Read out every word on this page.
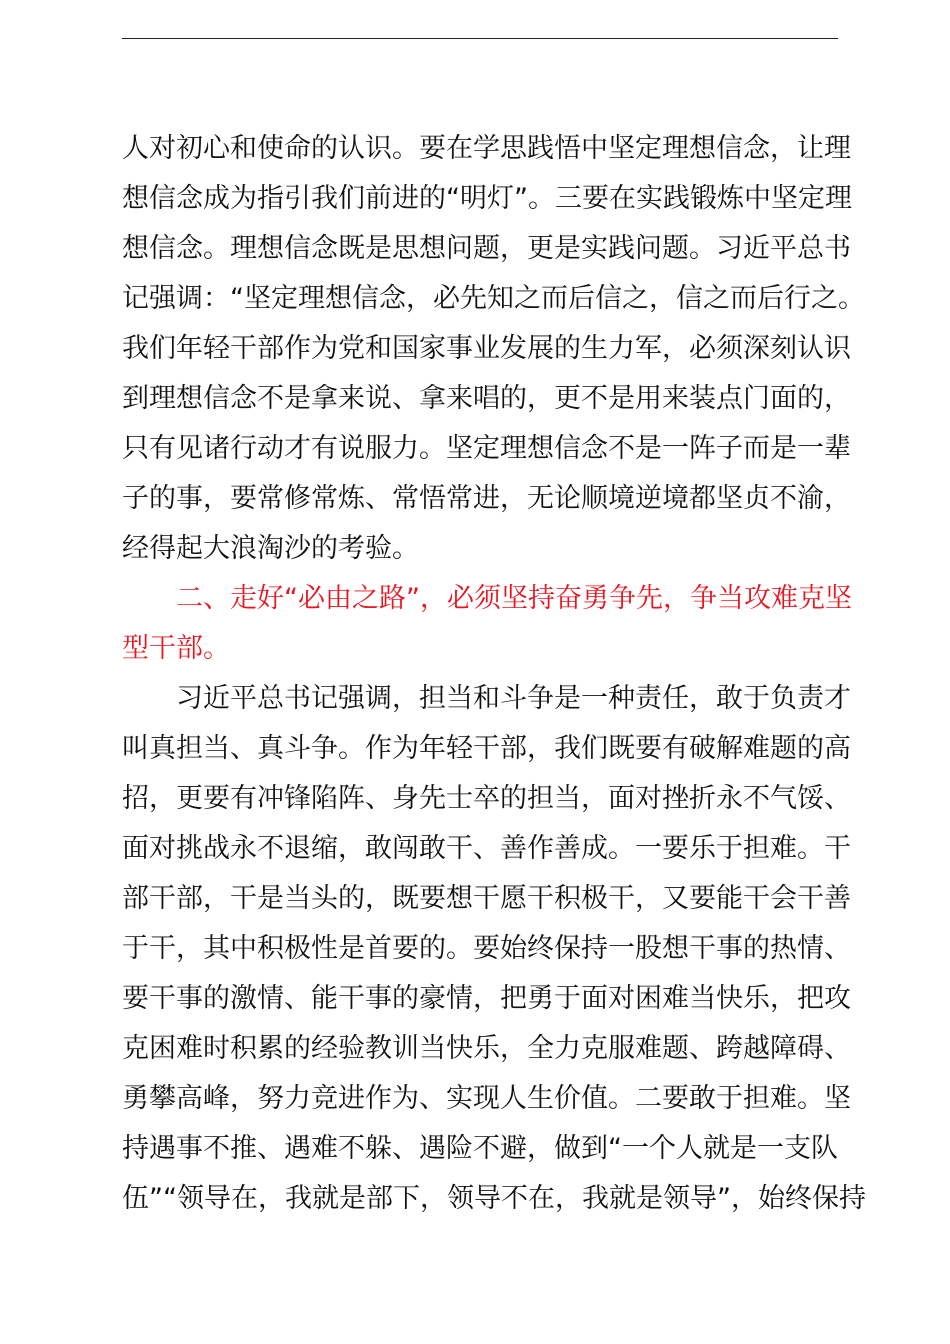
人 对 初 心 和 使 命 的 认 识 。 要 在 学 思 践 悟 中 坚 定 理 想 信 念 ， 让 理
想 信 念 成 为 指 引 我 们 前 进 的 “ 明 灯 ” 。 三 要 在 实 践 锻 炼 中 坚 定 理
想 信 念 。 理 想 信 念 既 是 思 想 问 题 ， 更 是 实 践 问 题 。 习 近 平 总 书
记 强 调 ： “ 坚 定 理 想 信 念 ， 必 先 知 之 而 后 信 之 ， 信 之 而 后 行 之 。
我 们 年 轻 干 部 作 为 党 和 国 家 事 业 发 展 的 生 力 军 ， 必 须 深 刻 认 识
到 理 想 信 念 不 是 拿 来 说 、 拿 来 唱 的 ， 更 不 是 用 来 装 点 门 面 的 ，
只 有 见 诸 行 动 才 有 说 服 力 。 坚 定 理 想 信 念 不 是 一 阵 子 而 是 一 辈
子 的 事 ， 要 常 修 常 炼 、 常 悟 常 进 ， 无 论 顺 境 逆 境 都 坚 贞 不 渝 ，
经得起大浪淘沙的考验。
二 、 走 好 “ 必 由 之 路 ” ， 必 须 坚 持 奋 勇 争 先 ， 争 当 攻 难 克 坚
型干部。
习 近 平 总 书 记 强 调 ， 担 当 和 斗 争 是 一 种 责 任 ， 敢 于 负 责 才
叫 真 担 当 、 真 斗 争 。 作 为 年 轻 干 部 ， 我 们 既 要 有 破 解 难 题 的 高
招 ， 更 要 有 冲 锋 陷 阵 、 身 先 士 卒 的 担 当 ， 面 对 挫 折 永 不 气 馁 、
面 对 挑 战 永 不 退 缩 ， 敢 闯 敢 干 、 善 作 善 成 。 一 要 乐 于 担 难 。 干
部 干 部 ， 干 是 当 头 的 ， 既 要 想 干 愿 干 积 极 干 ， 又 要 能 干 会 干 善
于 干 ， 其 中 积 极 性 是 首 要 的 。 要 始 终 保 持 一 股 想 干 事 的 热 情 、
要 干 事 的 激 情 、 能 干 事 的 豪 情 ， 把 勇 于 面 对 困 难 当 快 乐 ， 把 攻
克 困 难 时 积 累 的 经 验 教 训 当 快 乐 ， 全 力 克 服 难 题 、 跨 越 障 碍 、
勇 攀 高 峰 ， 努 力 竞 进 作 为 、 实 现 人 生 价 值 。 二 要 敢 于 担 难 。 坚
持 遇 事 不 推 、 遇 难 不 躲 、 遇 险 不 避 ， 做 到 “ 一 个 人 就 是 一 支 队
伍 ” “ 领 导 在 ， 我 就 是 部 下 ， 领 导 不 在 ， 我 就 是 领 导 ” ， 始 终 保 持
